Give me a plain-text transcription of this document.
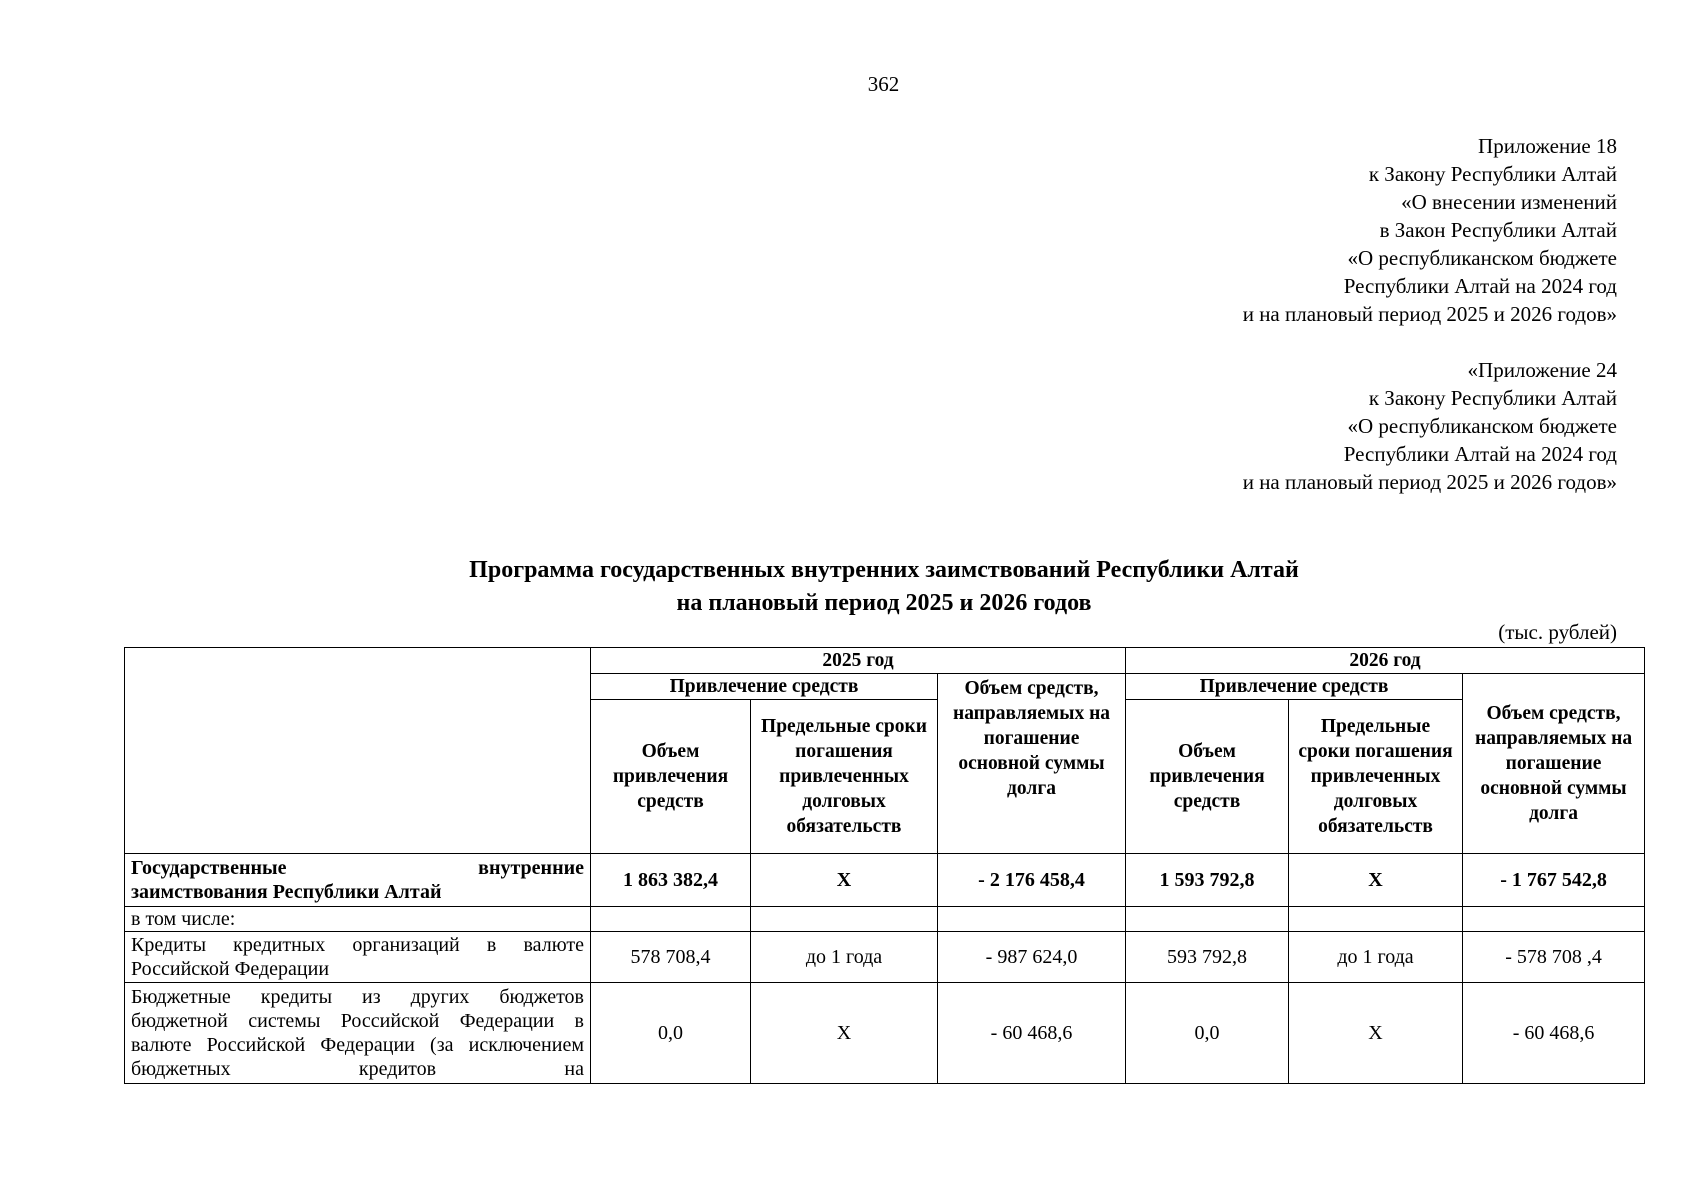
362
Приложение 18
к Закону Республики Алтай
«О внесении изменений
в Закон Республики Алтай
«О республиканском бюджете
Республики Алтай на 2024 год
и на плановый период 2025 и 2026 годов»
«Приложение 24
к Закону Республики Алтай
«О республиканском бюджете
Республики Алтай на 2024 год
и на плановый период 2025 и 2026 годов»
Программа государственных внутренних заимствований Республики Алтай
на плановый период 2025 и 2026 годов
(тыс. рублей)
	2025 год			2026 год		
	Привлечение средств		Объем средств, направляемых на погашение основной суммы долга	Привлечение средств		Объем средств, направляемых на погашение основной суммы долга
	Объем привлечения средств	Предельные сроки погашения привлеченных долговых обязательств		Объем привлечения средств	Предельные сроки погашения привлеченных долговых обязательств	

Государственные внутренние
заимствования Республики Алтай	1 863 382,4	X	- 2 176 458,4	1 593 792,8	X	- 1 767 542,8
в том числе:						
Кредиты кредитных организаций в валюте Российской Федерации	578 708,4	до 1 года	- 987 624,0	593 792,8	до 1 года	- 578 708 ,4
Бюджетные кредиты из других бюджетов бюджетной системы Российской Федерации в валюте Российской Федерации (за исключением бюджетных кредитов на	0,0	X	- 60 468,6	0,0	X	- 60 468,6
